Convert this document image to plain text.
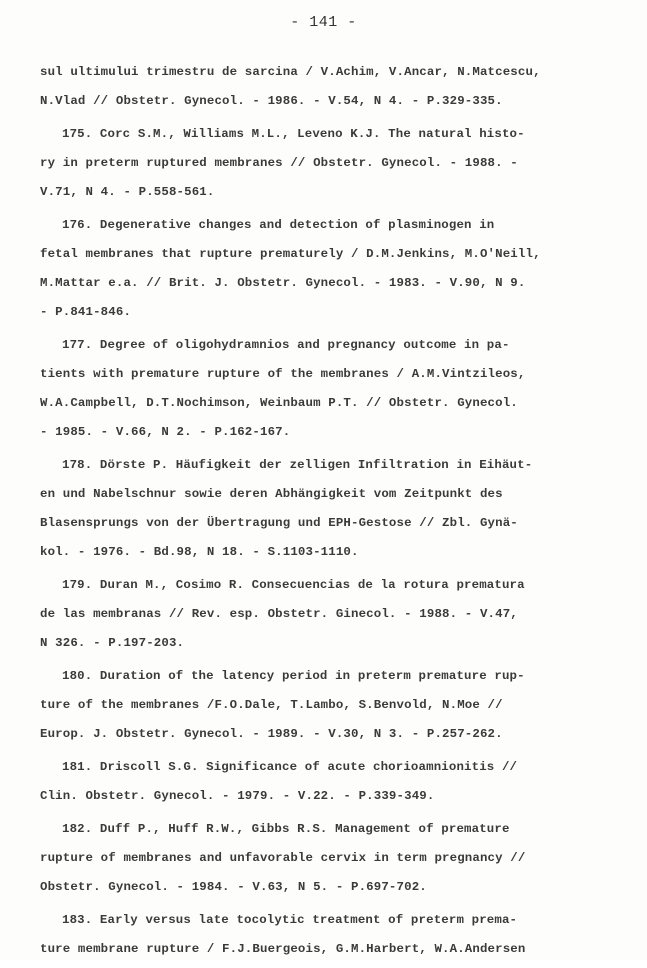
- 141 -
sul ultimului trimestru de sarcina / V.Achim, V.Ancar, N.Matcescu,
N.Vlad // Obstetr. Gynecol. - 1986. - V.54, N 4. - P.329-335.
175. Corc S.M., Williams M.L., Leveno K.J. The natural histo-
ry in preterm ruptured membranes // Obstetr. Gynecol. - 1988. -
V.71, N 4. - P.558-561.
176. Degenerative changes and detection of plasminogen in
fetal membranes that rupture prematurely / D.M.Jenkins, M.O'Neill,
M.Mattar e.a. // Brit. J. Obstetr. Gynecol. - 1983. - V.90, N 9.
- P.841-846.
177. Degree of oligohydramnios and pregnancy outcome in pa-
tients with premature rupture of the membranes / A.M.Vintzileos,
W.A.Campbell, D.T.Nochimson, Weinbaum P.T. // Obstetr. Gynecol.
- 1985. - V.66, N 2. - P.162-167.
178. Dörste P. Häufigkeit der zelligen Infiltration in Eihäut-
en und Nabelschnur sowie deren Abhängigkeit vom Zeitpunkt des
Blasensprungs von der Übertragung und EPH-Gestose // Zbl. Gynä-
kol. - 1976. - Bd.98, N 18. - S.1103-1110.
179. Duran M., Cosimo R. Consecuencias de la rotura prematura
de las membranas // Rev. esp. Obstetr. Ginecol. - 1988. - V.47,
N 326. - P.197-203.
180. Duration of the latency period in preterm premature rup-
ture of the membranes /F.O.Dale, T.Lambo, S.Benvold, N.Moe //
Europ. J. Obstetr. Gynecol. - 1989. - V.30, N 3. - P.257-262.
181. Driscoll S.G. Significance of acute chorioamnionitis //
Clin. Obstetr. Gynecol. - 1979. - V.22. - P.339-349.
182. Duff P., Huff R.W., Gibbs R.S. Management of premature
rupture of membranes and unfavorable cervix in term pregnancy //
Obstetr. Gynecol. - 1984. - V.63, N 5. - P.697-702.
183. Early versus late tocolytic treatment of preterm prema-
ture membrane rupture / F.J.Buergeois, G.M.Harbert, W.A.Andersen
